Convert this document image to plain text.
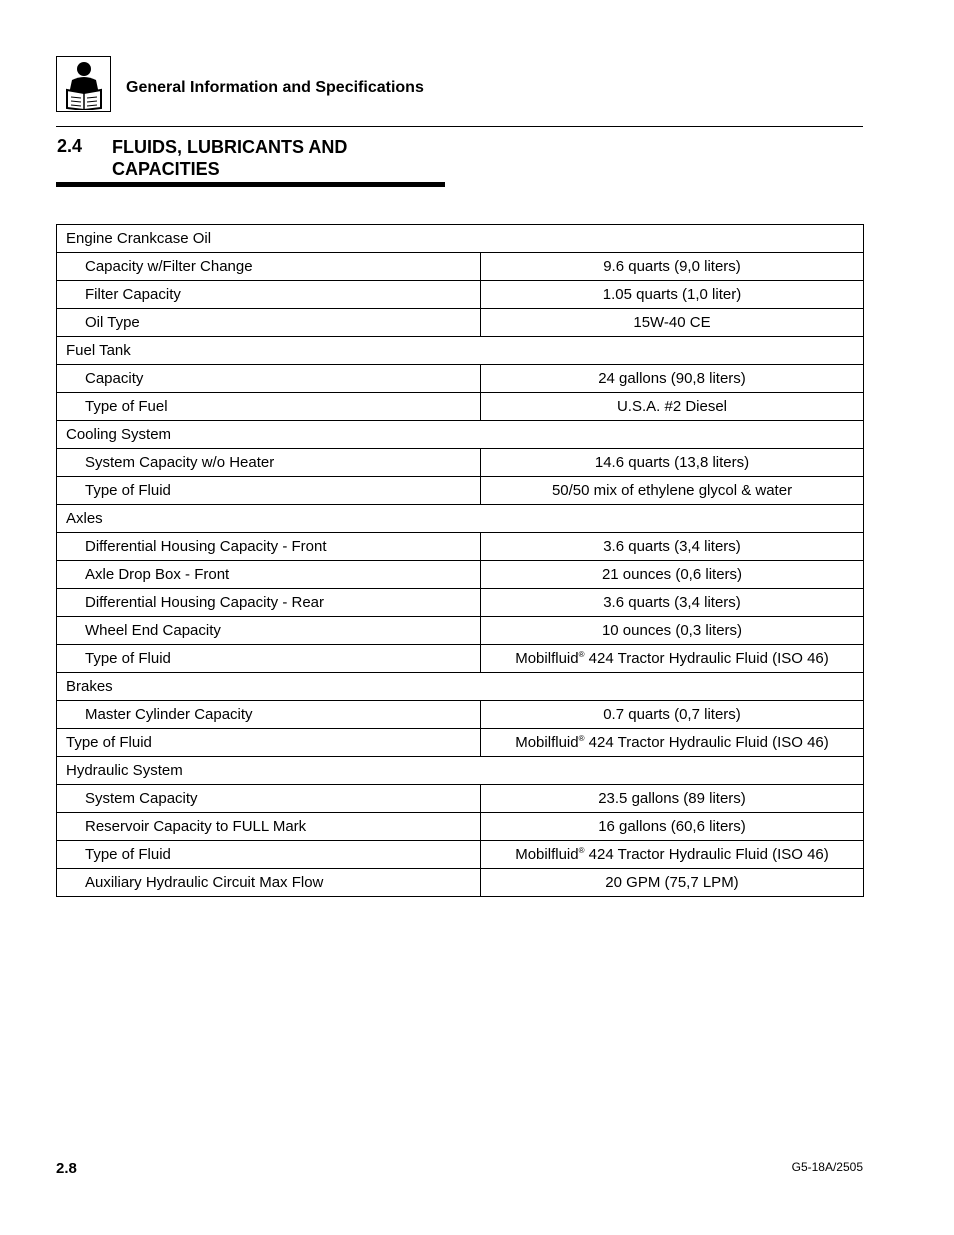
General Information and Specifications
2.4 FLUIDS, LUBRICANTS AND
CAPACITIES
Engine Crankcase Oil	
Capacity w/Filter Change	9.6 quarts (9,0 liters)
Filter Capacity	1.05 quarts (1,0 liter)
Oil Type	15W-40 CE
Fuel Tank	
Capacity	24 gallons (90,8 liters)
Type of Fuel	U.S.A. #2 Diesel
Cooling System	
System Capacity w/o Heater	14.6 quarts (13,8 liters)
Type of Fluid	50/50 mix of ethylene glycol & water
Axles	
Differential Housing Capacity - Front	3.6 quarts (3,4 liters)
Axle Drop Box - Front	21 ounces (0,6 liters)
Differential Housing Capacity - Rear	3.6 quarts (3,4 liters)
Wheel End Capacity	10 ounces (0,3 liters)
Type of Fluid	Mobilfluid® 424 Tractor Hydraulic Fluid (ISO 46)
Brakes	
Master Cylinder Capacity	0.7 quarts (0,7 liters)
Type of Fluid	Mobilfluid® 424 Tractor Hydraulic Fluid (ISO 46)
Hydraulic System	
System Capacity	23.5 gallons (89 liters)
Reservoir Capacity to FULL Mark	16 gallons (60,6 liters)
Type of Fluid	Mobilfluid® 424 Tractor Hydraulic Fluid (ISO 46)
Auxiliary Hydraulic Circuit Max Flow	20 GPM (75,7 LPM)
2.8	G5-18A/2505
